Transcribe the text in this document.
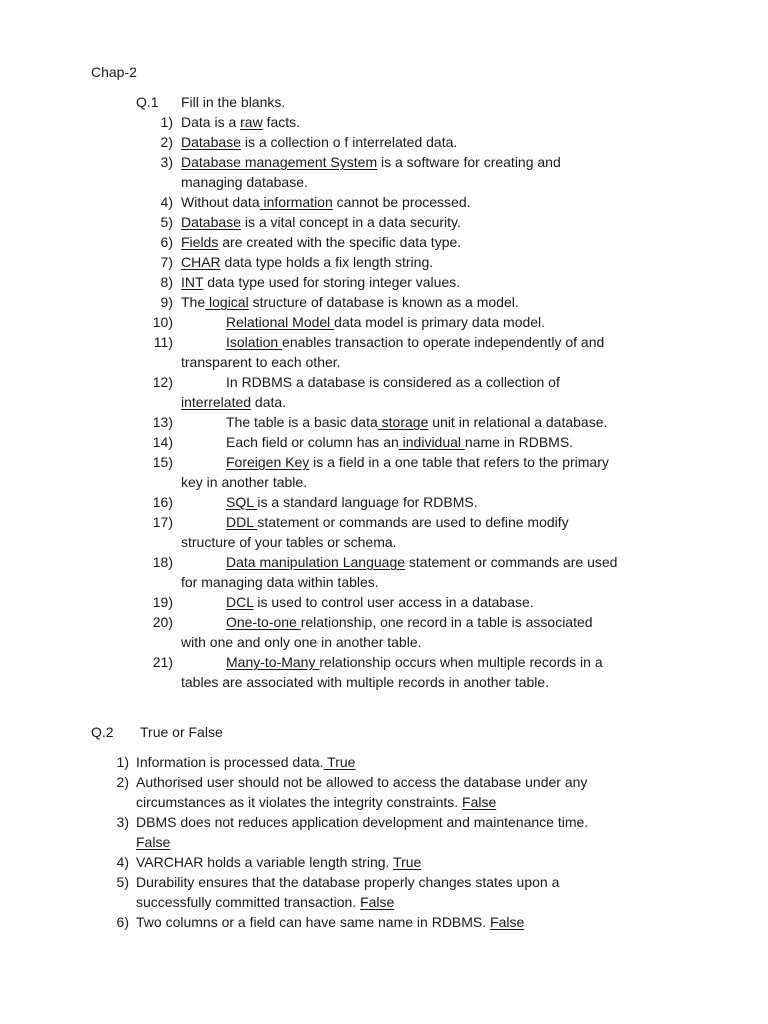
Chap-2
Q.1 Fill in the blanks.
Q.2 True or False
1) Data is a raw facts.
2) Database is a collection o f interrelated data.
3) Database management System is a software for creating and
managing database.
4) Without data information cannot be processed.
5) Database is a vital concept in a data security.
6) Fields are created with the specific data type.
7) CHAR data type holds a fix length string.
8) INT data type used for storing integer values.
9) The logical structure of database is known as a model.
10)	Relational Model data model is primary data model.
11)	Isolation enables transaction to operate independently of and
transparent to each other.
12)	In RDBMS a database is considered as a collection of
interrelated data.
13)	The table is a basic data storage unit in relational a database.
14)	Each field or column has an individual name in RDBMS.
15)	Foreigen Key is a field in a one table that refers to the primary
key in another table.
16)	SQL is a standard language for RDBMS.
17)	DDL statement or commands are used to define modify
structure of your tables or schema.
18)	Data manipulation Language statement or commands are used
for managing data within tables.
19)	DCL is used to control user access in a database.
20)	One-to-one relationship, one record in a table is associated
with one and only one in another table.
21)	Many-to-Many relationship occurs when multiple records in a
tables are associated with multiple records in another table.
1) Information is processed data. True
2) Authorised user should not be allowed to access the database under any
circumstances as it violates the integrity constraints. False
3) DBMS does not reduces application development and maintenance time.
False
4) VARCHAR holds a variable length string. True
5) Durability ensures that the database properly changes states upon a
successfully committed transaction. False
6) Two columns or a field can have same name in RDBMS. False
